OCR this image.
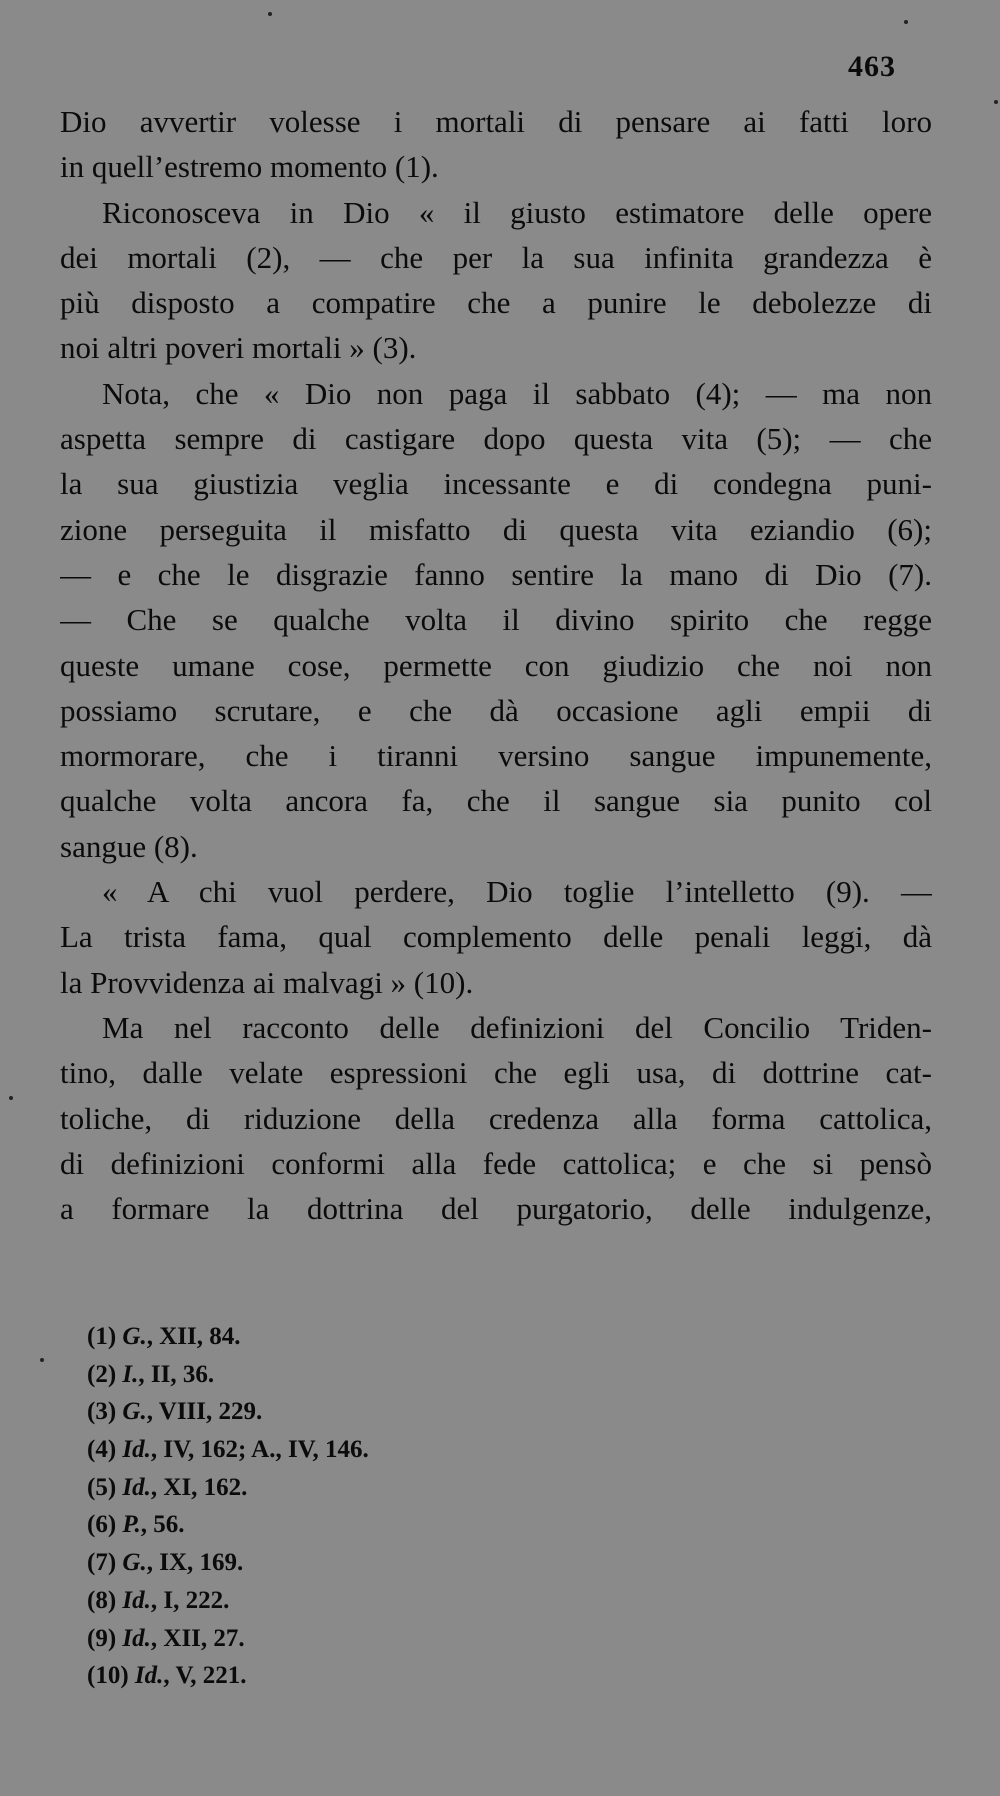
463
Dio avvertir volesse i mortali di pensare ai fatti loro
in quell’estremo momento (1).
Riconosceva in Dio « il giusto estimatore delle opere
dei mortali (2), — che per la sua infinita grandezza è
più disposto a compatire che a punire le debolezze di
noi altri poveri mortali » (3).
Nota, che « Dio non paga il sabbato (4); — ma non
aspetta sempre di castigare dopo questa vita (5); — che
la sua giustizia veglia incessante e di condegna puni-
zione perseguita il misfatto di questa vita eziandio (6);
— e che le disgrazie fanno sentire la mano di Dio (7).
— Che se qualche volta il divino spirito che regge
queste umane cose, permette con giudizio che noi non
possiamo scrutare, e che dà occasione agli empii di
mormorare, che i tiranni versino sangue impunemente,
qualche volta ancora fa, che il sangue sia punito col
sangue (8).
« A chi vuol perdere, Dio toglie l’intelletto (9). —
La trista fama, qual complemento delle penali leggi, dà
la Provvidenza ai malvagi » (10).
Ma nel racconto delle definizioni del Concilio Triden-
tino, dalle velate espressioni che egli usa, di dottrine cat-
toliche, di riduzione della credenza alla forma cattolica,
di definizioni conformi alla fede cattolica; e che si pensò
a formare la dottrina del purgatorio, delle indulgenze,
(1) G., XII, 84.
(2) I., II, 36.
(3) G., VIII, 229.
(4) Id., IV, 162; A., IV, 146.
(5) Id., XI, 162.
(6) P., 56.
(7) G., IX, 169.
(8) Id., I, 222.
(9) Id., XII, 27.
(10) Id., V, 221.
